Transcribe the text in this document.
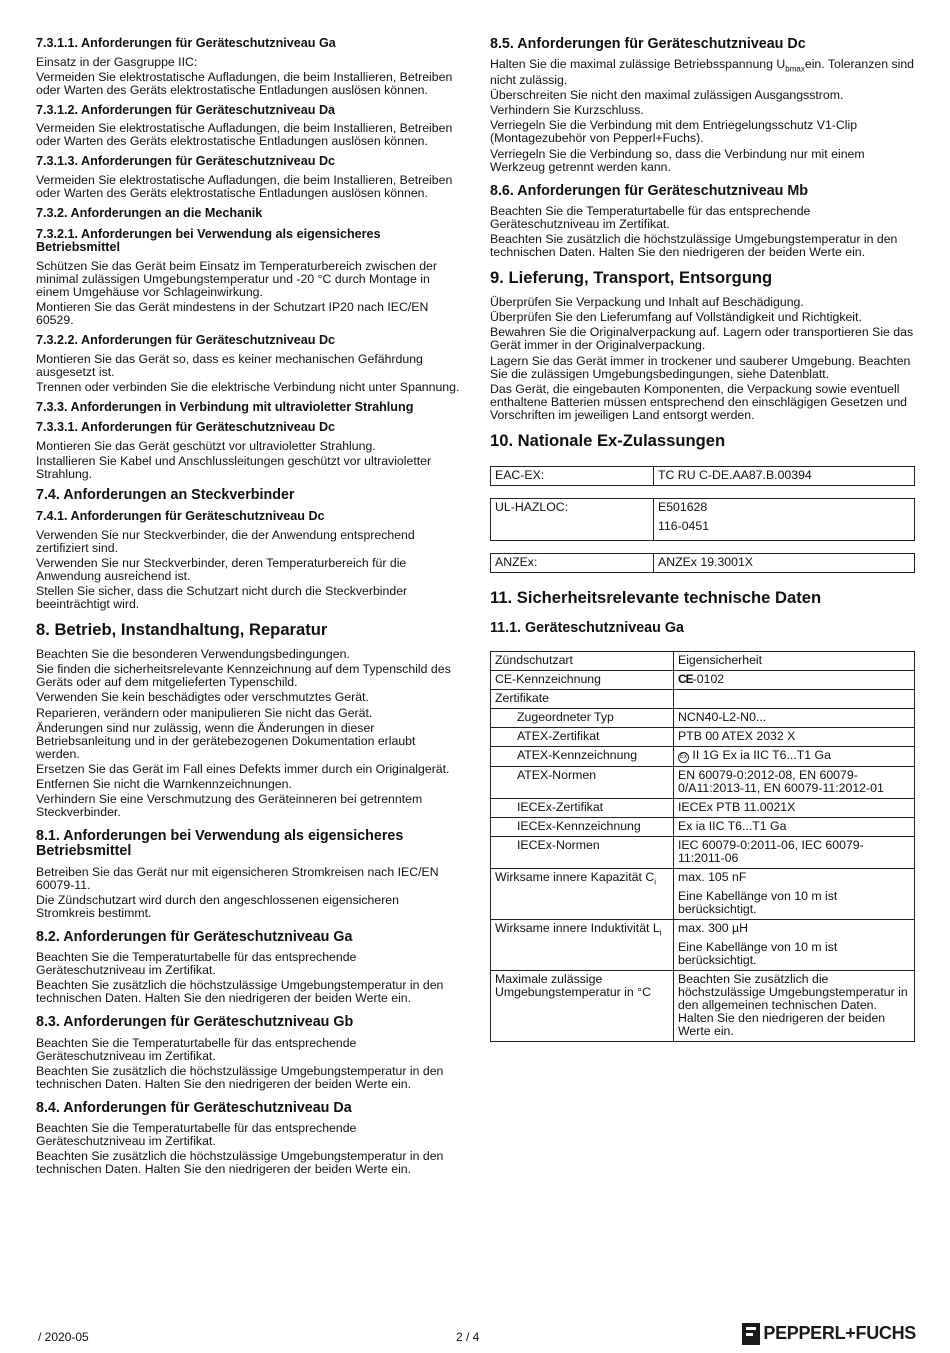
7.3.1.1. Anforderungen für Geräteschutzniveau Ga

Einsatz in der Gasgruppe IIC:

Vermeiden Sie elektrostatische Aufladungen, die beim Installieren, Betreiben oder Warten des Geräts elektrostatische Entladungen auslösen können.

7.3.1.2. Anforderungen für Geräteschutzniveau Da

Vermeiden Sie elektrostatische Aufladungen, die beim Installieren, Betreiben oder Warten des Geräts elektrostatische Entladungen auslösen können.

7.3.1.3. Anforderungen für Geräteschutzniveau Dc

Vermeiden Sie elektrostatische Aufladungen, die beim Installieren, Betreiben oder Warten des Geräts elektrostatische Entladungen auslösen können.

7.3.2. Anforderungen an die Mechanik
7.3.2.1. Anforderungen bei Verwendung als eigensicheres Betriebsmittel

Schützen Sie das Gerät beim Einsatz im Temperaturbereich zwischen der minimal zulässigen Umgebungstemperatur und -20 °C durch Montage in einem Umgehäuse vor Schlageinwirkung.

Montieren Sie das Gerät mindestens in der Schutzart IP20 nach IEC/EN 60529.

7.3.2.2. Anforderungen für Geräteschutzniveau Dc

Montieren Sie das Gerät so, dass es keiner mechanischen Gefährdung ausgesetzt ist.

Trennen oder verbinden Sie die elektrische Verbindung nicht unter Spannung.

7.3.3. Anforderungen in Verbindung mit ultravioletter Strahlung
7.3.3.1. Anforderungen für Geräteschutzniveau Dc

Montieren Sie das Gerät geschützt vor ultravioletter Strahlung.

Installieren Sie Kabel und Anschlussleitungen geschützt vor ultravioletter Strahlung.

7.4. Anforderungen an Steckverbinder
7.4.1. Anforderungen für Geräteschutzniveau Dc

Verwenden Sie nur Steckverbinder, die der Anwendung entsprechend zertifiziert sind.

Verwenden Sie nur Steckverbinder, deren Temperaturbereich für die Anwendung ausreichend ist.

Stellen Sie sicher, dass die Schutzart nicht durch die Steckverbinder beeinträchtigt wird.

8. Betrieb, Instandhaltung, Reparatur

Beachten Sie die besonderen Verwendungsbedingungen.

Sie finden die sicherheitsrelevante Kennzeichnung auf dem Typenschild des Geräts oder auf dem mitgelieferten Typenschild.

Verwenden Sie kein beschädigtes oder verschmutztes Gerät.

Reparieren, verändern oder manipulieren Sie nicht das Gerät.

Änderungen sind nur zulässig, wenn die Änderungen in dieser Betriebsanleitung und in der gerätebezogenen Dokumentation erlaubt werden.

Ersetzen Sie das Gerät im Fall eines Defekts immer durch ein Originalgerät.

Entfernen Sie nicht die Warnkennzeichnungen.

Verhindern Sie eine Verschmutzung des Geräteinneren bei getrenntem Steckverbinder.

8.1. Anforderungen bei Verwendung als eigensicheres Betriebsmittel

Betreiben Sie das Gerät nur mit eigensicheren Stromkreisen nach IEC/EN 60079-11.

Die Zündschutzart wird durch den angeschlossenen eigensicheren Stromkreis bestimmt.

8.2. Anforderungen für Geräteschutzniveau Ga

Beachten Sie die Temperaturtabelle für das entsprechende Geräteschutzniveau im Zertifikat.

Beachten Sie zusätzlich die höchstzulässige Umgebungstemperatur in den technischen Daten. Halten Sie den niedrigeren der beiden Werte ein.

8.3. Anforderungen für Geräteschutzniveau Gb

Beachten Sie die Temperaturtabelle für das entsprechende Geräteschutzniveau im Zertifikat.

Beachten Sie zusätzlich die höchstzulässige Umgebungstemperatur in den technischen Daten. Halten Sie den niedrigeren der beiden Werte ein.

8.4. Anforderungen für Geräteschutzniveau Da

Beachten Sie die Temperaturtabelle für das entsprechende Geräteschutzniveau im Zertifikat.

Beachten Sie zusätzlich die höchstzulässige Umgebungstemperatur in den technischen Daten. Halten Sie den niedrigeren der beiden Werte ein.

8.5. Anforderungen für Geräteschutzniveau Dc

Halten Sie die maximal zulässige Betriebsspannung $U_{bmax}ein$. Toleranzen sind nicht zulässig.

Überschreiten Sie nicht den maximal zulässigen Ausgangsstrom.

Verhindern Sie Kurzschluss.

Verriegeln Sie die Verbindung mit dem Entriegelungsschutz V1-Clip (Montagezubehör von Pepperl+Fuchs).

Verriegeln Sie die Verbindung so, dass die Verbindung nur mit einem Werkzeug getrennt werden kann.

8.6. Anforderungen für Geräteschutzniveau Mb

Beachten Sie die Temperaturtabelle für das entsprechende Geräteschutzniveau im Zertifikat.

Beachten Sie zusätzlich die höchstzulässige Umgebungstemperatur in den technischen Daten. Halten Sie den niedrigeren der beiden Werte ein.

9. Lieferung, Transport, Entsorgung

Überprüfen Sie Verpackung und Inhalt auf Beschädigung.

Überprüfen Sie den Lieferumfang auf Vollständigkeit und Richtigkeit.

Bewahren Sie die Originalverpackung auf. Lagern oder transportieren Sie das Gerät immer in der Originalverpackung.

Lagern Sie das Gerät immer in trockener und sauberer Umgebung. Beachten Sie die zulässigen Umgebungsbedingungen, siehe Datenblatt.

Das Gerät, die eingebauten Komponenten, die Verpackung sowie eventuell enthaltene Batterien müssen entsprechend den einschlägigen Gesetzen und Vorschriften im jeweiligen Land entsorgt werden.

10. Nationale Ex-Zulassungen
EAC-EX:	TC RU C-DE.AA87.B.00394
UL-HAZLOC:	E501628
116-0451
ANZEx:	ANZEx 19.3001X
11. Sicherheitsrelevante technische Daten
11.1. Geräteschutzniveau Ga
Zündschutzart	Eigensicherheit
CE-Kennzeichnung	CE-0102
Zertifikate	
Zugeordneter Typ	NCN40-L2-N0...
ATEX-Zertifikat	PTB 00 ATEX 2032 X
ATEX-Kennzeichnung	Ex II 1G Ex ia IIC T6...T1 Ga
ATEX-Normen	EN 60079-0:2012-08, EN 60079-0/A11:2013-11, EN 60079-11:2012-01
IECEx-Zertifikat	IECEx PTB 11.0021X
IECEx-Kennzeichnung	Ex ia IIC T6...T1 Ga
IECEx-Normen	IEC 60079-0:2011-06, IEC 60079-11:2011-06
Wirksame innere Kapazität $C_i$	max. 105 nF
Eine Kabellänge von 10 m ist berücksichtigt.

Wirksame innere Induktivität $L_i$	max. 300 µH
Eine Kabellänge von 10 m ist berücksichtigt.

Maximale zulässige Umgebungstemperatur in °C	Beachten Sie zusätzlich die höchstzulässige Umgebungstemperatur in den allgemeinen technischen Daten. Halten Sie den niedrigeren der beiden Werte ein.
/ 2020-05	2 / 4	PEPPERL+FUCHS
